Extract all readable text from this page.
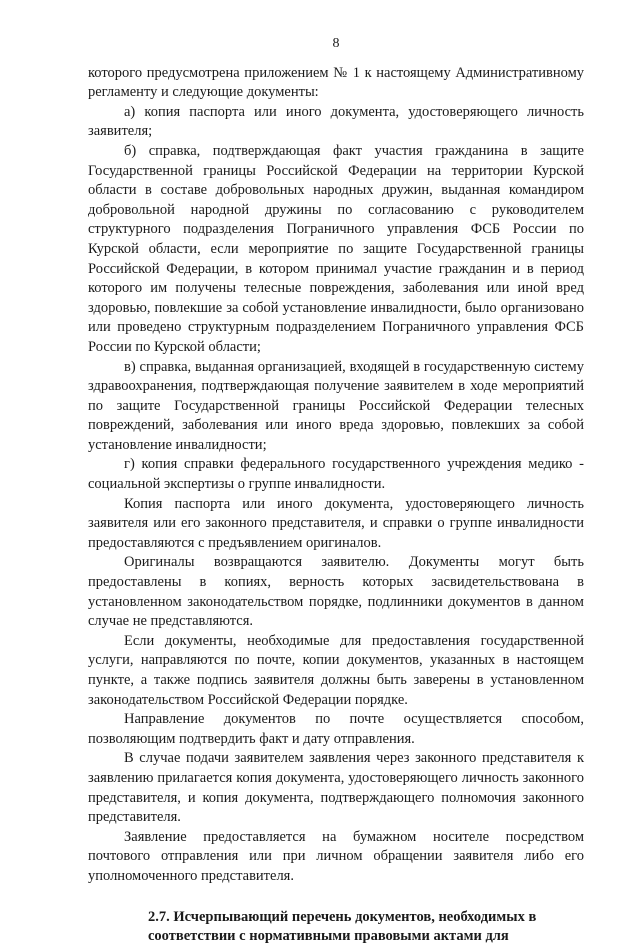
8

которого предусмотрена приложением № 1 к настоящему Административному регламенту и следующие документы:

а) копия паспорта или иного документа, удостоверяющего личность заявителя;

б) справка, подтверждающая факт участия гражданина в защите Государственной границы Российской Федерации на территории Курской области в составе добровольных народных дружин, выданная командиром добровольной народной дружины по согласованию с руководителем структурного подразделения Пограничного управления ФСБ России по Курской области, если мероприятие по защите Государственной границы Российской Федерации, в котором принимал участие гражданин и в период которого им получены телесные повреждения, заболевания или иной вред здоровью, повлекшие за собой установление инвалидности, было организовано или проведено структурным подразделением Пограничного управления ФСБ России по Курской области;

в) справка, выданная организацией, входящей в государственную систему здравоохранения, подтверждающая получение заявителем в ходе мероприятий по защите Государственной границы Российской Федерации телесных повреждений, заболевания или иного вреда здоровью, повлекших за собой установление инвалидности;

г) копия справки федерального государственного учреждения медико - социальной экспертизы о группе инвалидности.

Копия паспорта или иного документа, удостоверяющего личность заявителя или его законного представителя, и справки о группе инвалидности предоставляются с предъявлением оригиналов.

Оригиналы возвращаются заявителю. Документы могут быть предоставлены в копиях, верность которых засвидетельствована в установленном законодательством порядке, подлинники документов в данном случае не представляются.

Если документы, необходимые для предоставления государственной услуги, направляются по почте, копии документов, указанных в настоящем пункте, а также подпись заявителя должны быть заверены в установленном законодательством Российской Федерации порядке.

Направление документов по почте осуществляется способом, позволяющим подтвердить факт и дату отправления.

В случае подачи заявителем заявления через законного представителя к заявлению прилагается копия документа, удостоверяющего личность законного представителя, и копия документа, подтверждающего полномочия законного представителя.

Заявление предоставляется на бумажном носителе посредством почтового отправления или при личном обращении заявителя либо его уполномоченного представителя.

2.7. Исчерпывающий перечень документов, необходимых в соответствии с нормативными правовыми актами для
